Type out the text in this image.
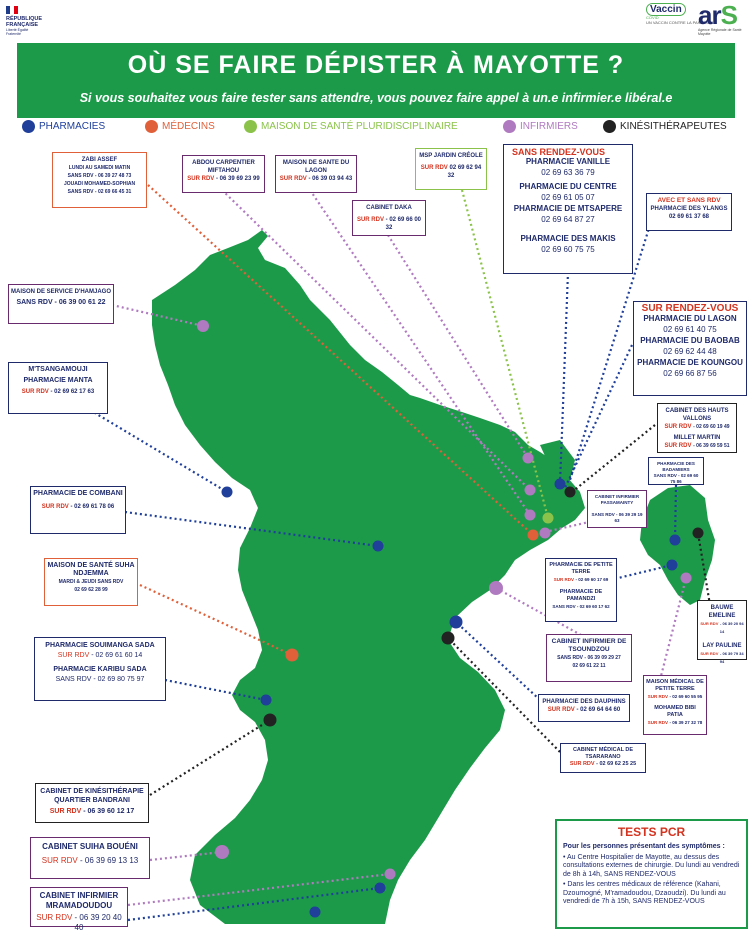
RÉPUBLIQUE
FRANÇAISE
Liberté Égalité Fraternité
Vaccin
COVID
UN VACCIN CONTRE LA PANDÉMIE
arS
Agence Régionale de Santé Mayotte
OÙ SE FAIRE DÉPISTER À MAYOTTE ?
Si vous souhaitez vous faire tester sans attendre, vous pouvez faire appel à un.e infirmier.e libéral.e
PHARMACIES	MÉDECINS	MAISON DE SANTÉ PLURIDISCIPLINAIRE	INFIRMIERS	KINÉSITHÉRAPEUTES
ZABI ASSEF
LUNDI AU SAMEDI MATIN
SANS RDV - 06 39 27 48 73
JOUADI MOHAMED-SOPHIAN
SANS RDV - 02 69 66 45 31
ABDOU CARPENTIER MIFTAHOU
SUR RDV - 06 39 69 23 99
MAISON DE SANTE DU LAGON
SUR RDV - 06 39 03 94 43
CABINET DAKA
SUR RDV - 02 69 66 00 32
MSP JARDIN CRÉOLE
SUR RDV 02 69 62 94 32
SANS RENDEZ-VOUS
PHARMACIE VANILLE
02 69 63 36 79
PHARMACIE DU CENTRE
02 69 61 05 07
PHARMACIE DE MTSAPERE
02 69 64 87 27
PHARMACIE DES MAKIS
02 69 60 75 75
AVEC ET SANS RDV
PHARMACIE DES YLANGS
02 69 61 37 68
SUR RENDEZ-VOUS
PHARMACIE DU LAGON
02 69 61 40 75
PHARMACIE DU BAOBAB
02 69 62 44 48
PHARMACIE DE KOUNGOU
02 69 66 87 56
CABINET DES HAUTS VALLONS
SUR RDV - 02 69 60 19 49
MILLET MARTIN
SUR RDV - 06 39 69 59 51
MAISON DE SERVICE D'HAMJAGO
SANS RDV - 06 39 00 61 22
M'TSANGAMOUJI
PHARMACIE MANTA
SUR RDV - 02 69 62 17 63
PHARMACIE DE COMBANI
SUR RDV - 02 69 61 78 06
PHARMACIE DES BADAMIERS
SANS RDV - 02 69 60 75 86
CABINET INFIRMIER PASSAMAINTY
SANS RDV - 06 39 29 19 63
MAISON DE SANTÉ SUHA NDJEMMA
MARDI & JEUDI SANS RDV
02 69 62 28 99
PHARMACIE DE PETITE TERRE
SUR RDV - 02 69 60 17 69
PHARMACIE DE PAMANDZI
SANS RDV - 02 69 60 17 62	BAUWE EMELINE
SUR RDV - 06 39 20 94 14
LAY PAULINE
SUR RDV - 06 39 79 34 94
PHARMACIE SOUIMANGA SADA
SUR RDV - 02 69 61 60 14
PHARMACIE KARIBU SADA
SANS RDV - 02 69 80 75 97
CABINET INFIRMIER DE TSOUNDZOU
SANS RDV - 06 39 09 29 27
02 69 61 22 11
MAISON MÉDICAL DE PETITE TERRE
SUR RDV - 02 69 60 55 95
MOHAMED BIBI PATIA
SUR RDV - 06 39 27 32 78
PHARMACIE DES DAUPHINS
SUR RDV - 02 69 64 64 60
CABINET MÉDICAL DE TSARARANO
SUR RDV - 02 69 62 25 25
CABINET DE KINÉSITHÉRAPIE QUARTIER BANDRANI
SUR RDV - 06 39 60 12 17
CABINET SUIHA BOUÉNI
SUR RDV - 06 39 69 13 13
CABINET INFIRMIER MRAMADOUDOU
SUR RDV - 06 39 20 40 40
TESTS PCR

Pour les personnes présentant des symptômes :

• Au Centre Hospitalier de Mayotte, au dessus des consultations externes de chirurgie. Du lundi au vendredi de 8h à 14h, SANS RENDEZ-VOUS

• Dans les centres médicaux de référence (Kahani, Dzoumogné, M'ramadoudou, Dzaoudzi). Du lundi au vendredi de 7h à 15h, SANS RENDEZ-VOUS
